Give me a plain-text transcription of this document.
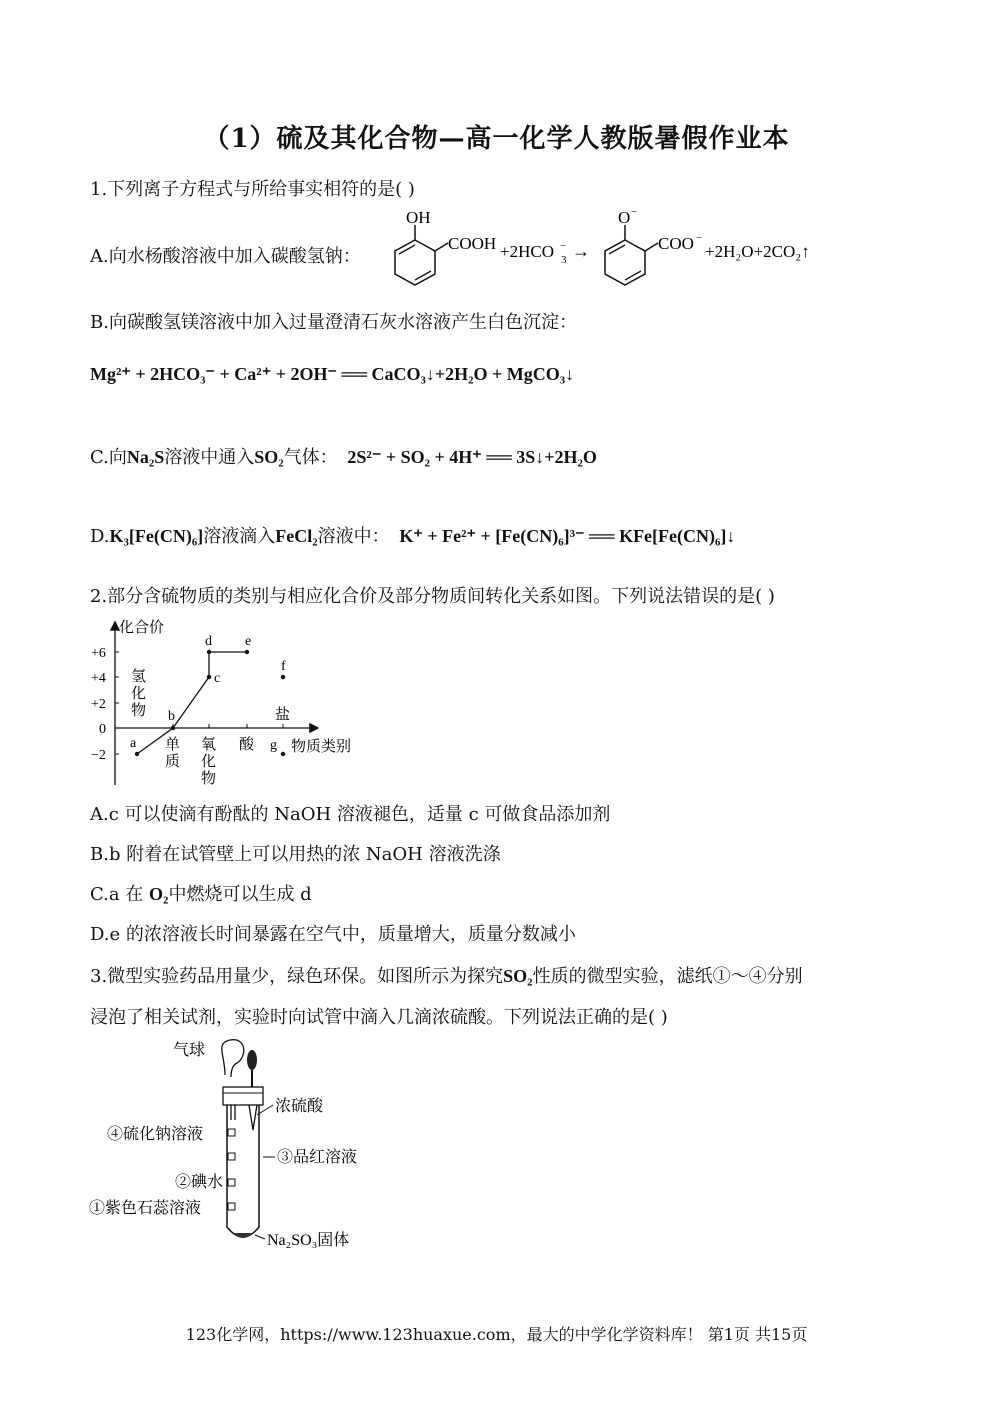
（1）硫及其化合物—高一化学人教版暑假作业本
1.下列离子方程式与所给事实相符的是( )
A.向水杨酸溶液中加入碳酸氢钠：
OH
COOH +2HCO −
3 →
O −
COO −
+2H₂O+2CO₂↑
B.向碳酸氢镁溶液中加入过量澄清石灰水溶液产生白色沉淀：
Mg²⁺ + 2HCO₃⁻ + Ca²⁺ + 2OH⁻ ══ CaCO₃↓+2H₂O + MgCO₃↓
C.向Na₂S溶液中通入SO₂气体： 2S²⁻ + SO₂ + 4H⁺ ══ 3S↓+2H₂O
D.K₃[Fe(CN)₆]溶液滴入FeCl₂溶液中： K⁺ + Fe²⁺ + [Fe(CN)₆]³⁻ ══ KFe[Fe(CN)₆]↓
2.部分含硫物质的类别与相应化合价及部分物质间转化关系如图。下列说法错误的是( )
化合价
+6
+4
+2
0
−2
氢化物
单质
氧化物
酸
盐
物质类别
a
b
c
d e
f
g
A.c 可以使滴有酚酞的 NaOH 溶液褪色，适量 c 可做食品添加剂
B.b 附着在试管壁上可以用热的浓 NaOH 溶液洗涤
C.a 在 O₂中燃烧可以生成 d
D.e 的浓溶液长时间暴露在空气中，质量增大，质量分数减小
3.微型实验药品用量少，绿色环保。如图所示为探究SO₂性质的微型实验，滤纸①～④分别
浸泡了相关试剂，实验时向试管中滴入几滴浓硫酸。下列说法正确的是( )
气球
浓硫酸
④硫化钠溶液
③品红溶液
②碘水
①紫色石蕊溶液
Na₂SO₃固体
123化学网，https://www.123huaxue.com，最大的中学化学资料库！ 第1页 共15页
